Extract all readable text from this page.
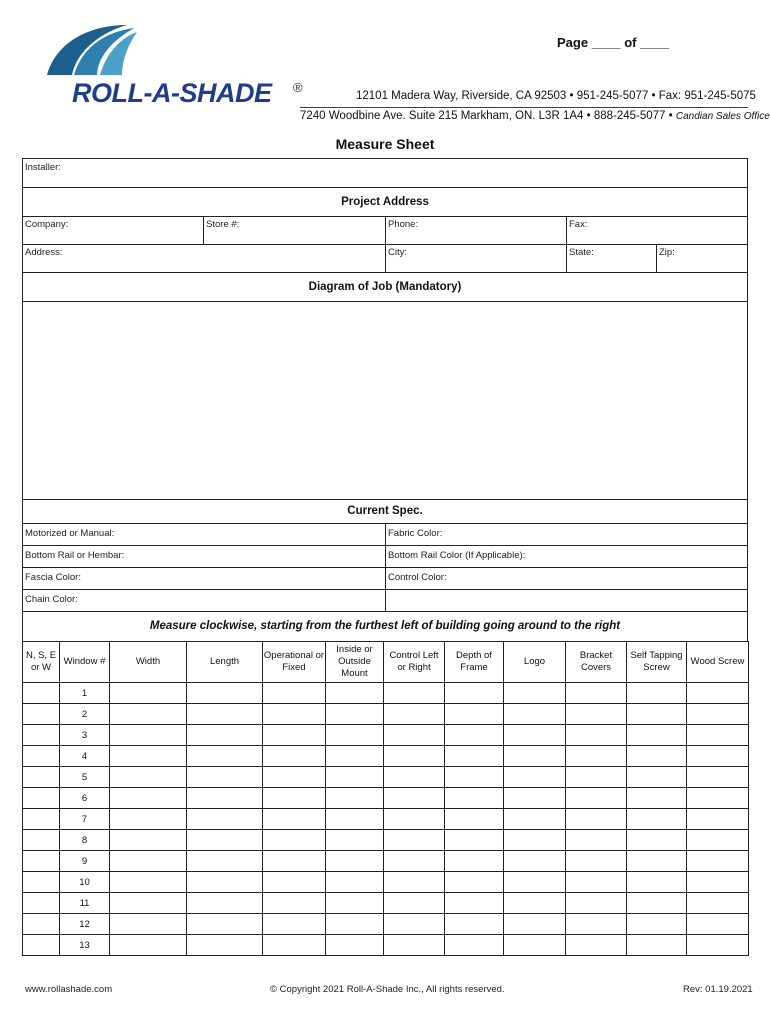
ROLL-A-SHADE ®
Page ____ of ____
12101 Madera Way, Riverside, CA 92503 • 951-245-5077 • Fax: 951-245-5075
7240 Woodbine Ave. Suite 215 Markham, ON. L3R 1A4 • 888-245-5077 • Candian Sales Office
Measure Sheet
Installer:
Project Address
Company:	Store #:	Phone:	Fax:
Address:	City:	State:	Zip:
Diagram of Job (Mandatory)
Current Spec.
Motorized or Manual:	Fabric Color:
Bottom Rail or Hembar:	Bottom Rail Color (If Applicable):
Fascia Color:	Control Color:
Chain Color:
Measure clockwise, starting from the furthest left of building going around to the right
N, S, E or W	Window #	Width	Length	Operational or Fixed	Inside or Outside Mount	Control Left or Right	Depth of Frame	Logo	Bracket Covers	Self Tapping Screw	Wood Screw
	1										
	2										
	3										
	4										
	5										
	6										
	7										
	8										
	9										
	10										
	11										
	12										
	13										
www.rollashade.com	© Copyright 2021 Roll-A-Shade Inc., All rights reserved.	Rev: 01.19.2021
